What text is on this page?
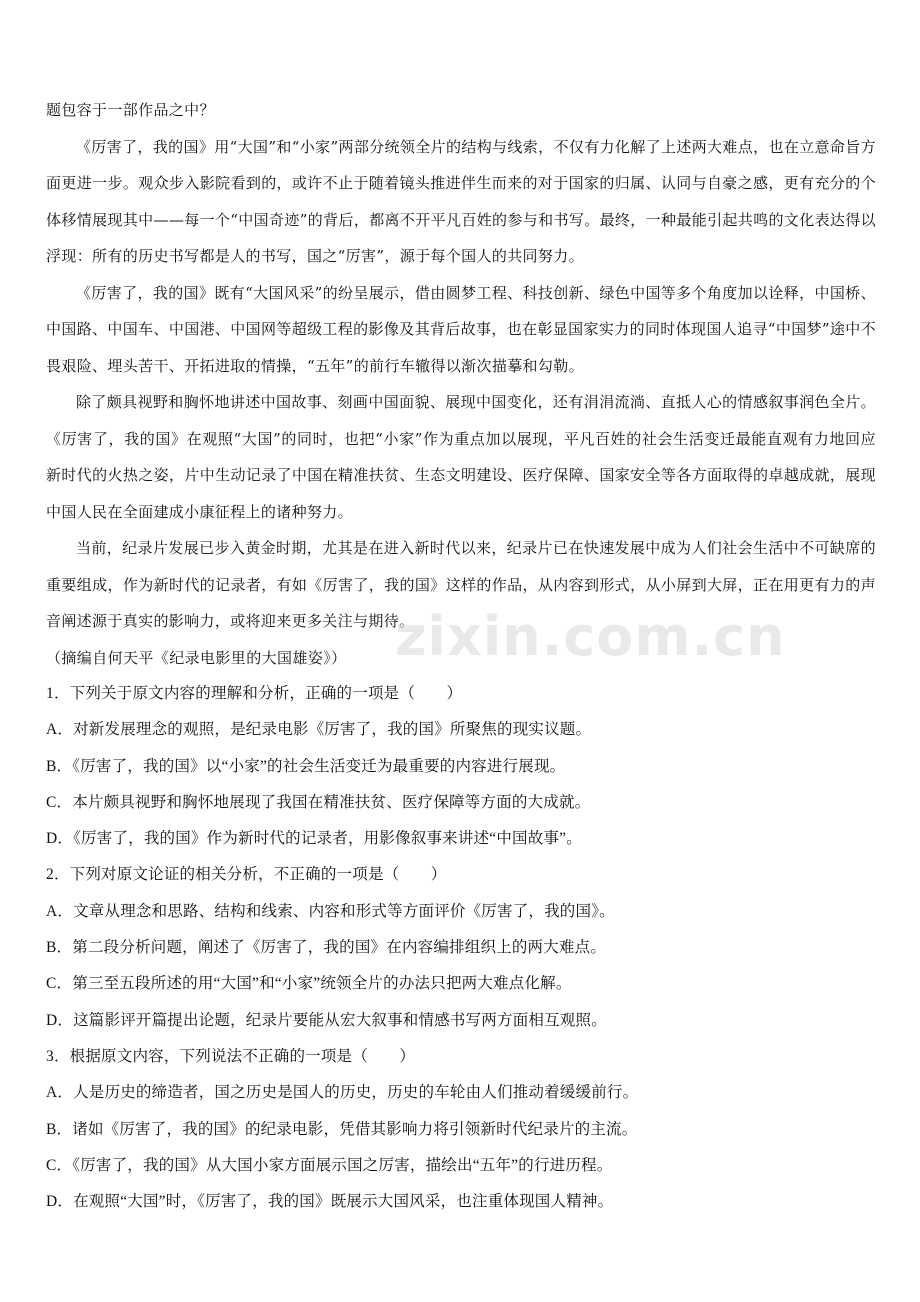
题包容于一部作品之中？

《厉害了，我的国》用“大国”和“小家”两部分统领全片的结构与线索，不仅有力化解了上述两大难点，也在立意命旨方面更进一步。观众步入影院看到的，或许不止于随着镜头推进伴生而来的对于国家的归属、认同与自豪之感，更有充分的个体移情展现其中——每一个“中国奇迹”的背后，都离不开平凡百姓的参与和书写。最终，一种最能引起共鸣的文化表达得以浮现：所有的历史书写都是人的书写，国之“厉害”，源于每个国人的共同努力。

《厉害了，我的国》既有“大国风采”的纷呈展示，借由圆梦工程、科技创新、绿色中国等多个角度加以诠释，中国桥、中国路、中国车、中国港、中国网等超级工程的影像及其背后故事，也在彰显国家实力的同时体现国人追寻“中国梦”途中不畏艰险、埋头苦干、开拓进取的情操，“五年”的前行车辙得以渐次描摹和勾勒。

除了颇具视野和胸怀地讲述中国故事、刻画中国面貌、展现中国变化，还有涓涓流淌、直抵人心的情感叙事润色全片。《厉害了，我的国》在观照“大国”的同时，也把“小家”作为重点加以展现，平凡百姓的社会生活变迁最能直观有力地回应新时代的火热之姿，片中生动记录了中国在精准扶贫、生态文明建设、医疗保障、国家安全等各方面取得的卓越成就，展现中国人民在全面建成小康征程上的诸种努力。

当前，纪录片发展已步入黄金时期，尤其是在进入新时代以来，纪录片已在快速发展中成为人们社会生活中不可缺席的重要组成，作为新时代的记录者，有如《厉害了，我的国》这样的作品，从内容到形式，从小屏到大屏，正在用更有力的声音阐述源于真实的影响力，或将迎来更多关注与期待。

（摘编自何天平《纪录电影里的大国雄姿》）

1．下列关于原文内容的理解和分析，正确的一项是（　　）

A．对新发展理念的观照，是纪录电影《厉害了，我的国》所聚焦的现实议题。

B．《厉害了，我的国》以“小家”的社会生活变迁为最重要的内容进行展现。

C．本片颇具视野和胸怀地展现了我国在精准扶贫、医疗保障等方面的大成就。

D．《厉害了，我的国》作为新时代的记录者，用影像叙事来讲述“中国故事”。

2．下列对原文论证的相关分析，不正确的一项是（　　）

A．文章从理念和思路、结构和线索、内容和形式等方面评价《厉害了，我的国》。

B．第二段分析问题，阐述了《厉害了，我的国》在内容编排组织上的两大难点。

C．第三至五段所述的用“大国”和“小家”统领全片的办法只把两大难点化解。

D．这篇影评开篇提出论题，纪录片要能从宏大叙事和情感书写两方面相互观照。

3．根据原文内容，下列说法不正确的一项是（　　）

A．人是历史的缔造者，国之历史是国人的历史，历史的车轮由人们推动着缓缓前行。

B．诸如《厉害了，我的国》的纪录电影，凭借其影响力将引领新时代纪录片的主流。

C．《厉害了，我的国》从大国小家方面展示国之厉害，描绘出“五年”的行进历程。

D．在观照“大国”时，《厉害了，我的国》既展示大国风采，也注重体现国人精神。

zixin.com.cn
